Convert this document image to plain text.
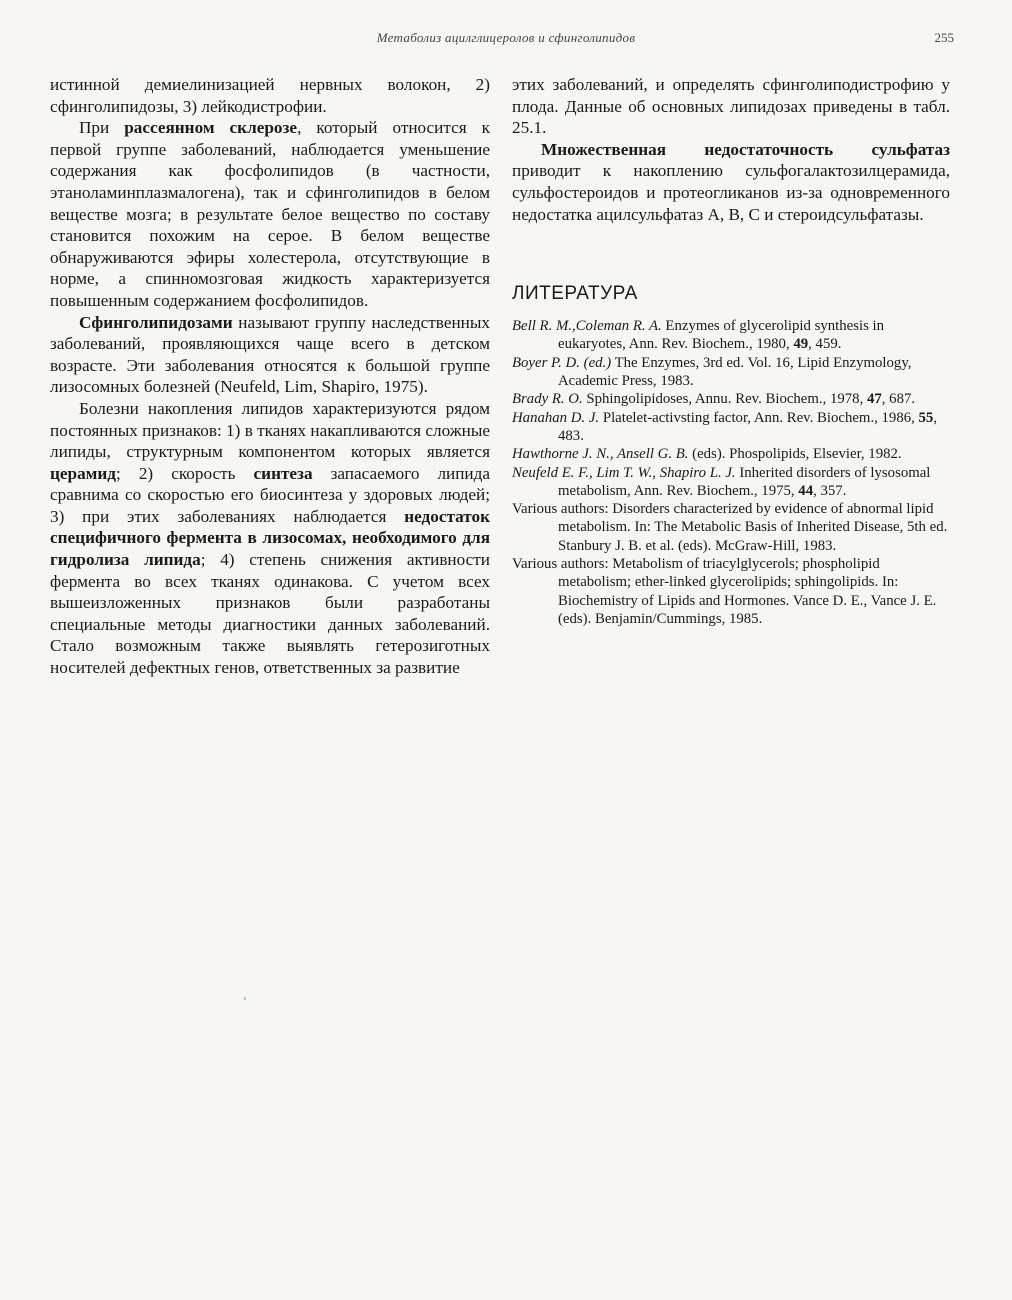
Метаболиз ацилглицеролов и сфинголипидов	255

истинной демиелинизацией нервных волокон, 2) сфинголипидозы, 3) лейкодистрофии.

При рассеянном склерозе, который относится к первой группе заболеваний, наблюдается уменьшение содержания как фосфолипидов (в частности, этаноламинплазмалогена), так и сфинголипидов в белом веществе мозга; в результате белое вещество по составу становится похожим на серое. В белом веществе обнаруживаются эфиры холестерола, отсутствующие в норме, а спинномозговая жидкость характеризуется повышенным содержанием фосфолипидов.

Сфинголипидозами называют группу наследственных заболеваний, проявляющихся чаще всего в детском возрасте. Эти заболевания относятся к большой группе лизосомных болезней (Neufeld, Lim, Shapiro, 1975).

Болезни накопления липидов характеризуются рядом постоянных признаков: 1) в тканях накапливаются сложные липиды, структурным компонентом которых является церамид; 2) скорость синтеза запасаемого липида сравнима со скоростью его биосинтеза у здоровых людей; 3) при этих заболеваниях наблюдается недостаток специфичного фермента в лизосомах, необходимого для гидролиза липида; 4) степень снижения активности фермента во всех тканях одинакова. С учетом всех вышеизложенных признаков были разработаны специальные методы диагностики данных заболеваний. Стало возможным также выявлять гетерозиготных носителей дефектных генов, ответственных за развитие

этих заболеваний, и определять сфинголиподистрофию у плода. Данные об основных липидозах приведены в табл. 25.1.

Множественная недостаточность сульфатаз приводит к накоплению сульфогалактозилцерамида, сульфостероидов и протеогликанов из-за одновременного недостатка ацилсульфатаз А, В, С и стероидсульфатазы.

ЛИТЕРАТУРА

Bell R. M.,Coleman R. A. Enzymes of glycerolipid synthesis in eukaryotes, Ann. Rev. Biochem., 1980, 49, 459.

Boyer P. D. (ed.) The Enzymes, 3rd ed. Vol. 16, Lipid Enzymology, Academic Press, 1983.

Brady R. O. Sphingolipidoses, Annu. Rev. Biochem., 1978, 47, 687.

Hanahan D. J. Platelet-activsting factor, Ann. Rev. Biochem., 1986, 55, 483.

Hawthorne J. N., Ansell G. B. (eds). Phospolipids, Elsevier, 1982.

Neufeld E. F., Lim T. W., Shapiro L. J. Inherited disorders of lysosomal metabolism, Ann. Rev. Biochem., 1975, 44, 357.

Various authors: Disorders characterized by evidence of abnormal lipid metabolism. In: The Metabolic Basis of Inherited Disease, 5th ed. Stanbury J. B. et al. (eds). McGraw-Hill, 1983.

Various authors: Metabolism of triacylglycerols; phospholipid metabolism; ether-linked glycerolipids; sphingolipids. In: Biochemistry of Lipids and Hormones. Vance D. E., Vance J. E. (eds). Benjamin/Cummings, 1985.
